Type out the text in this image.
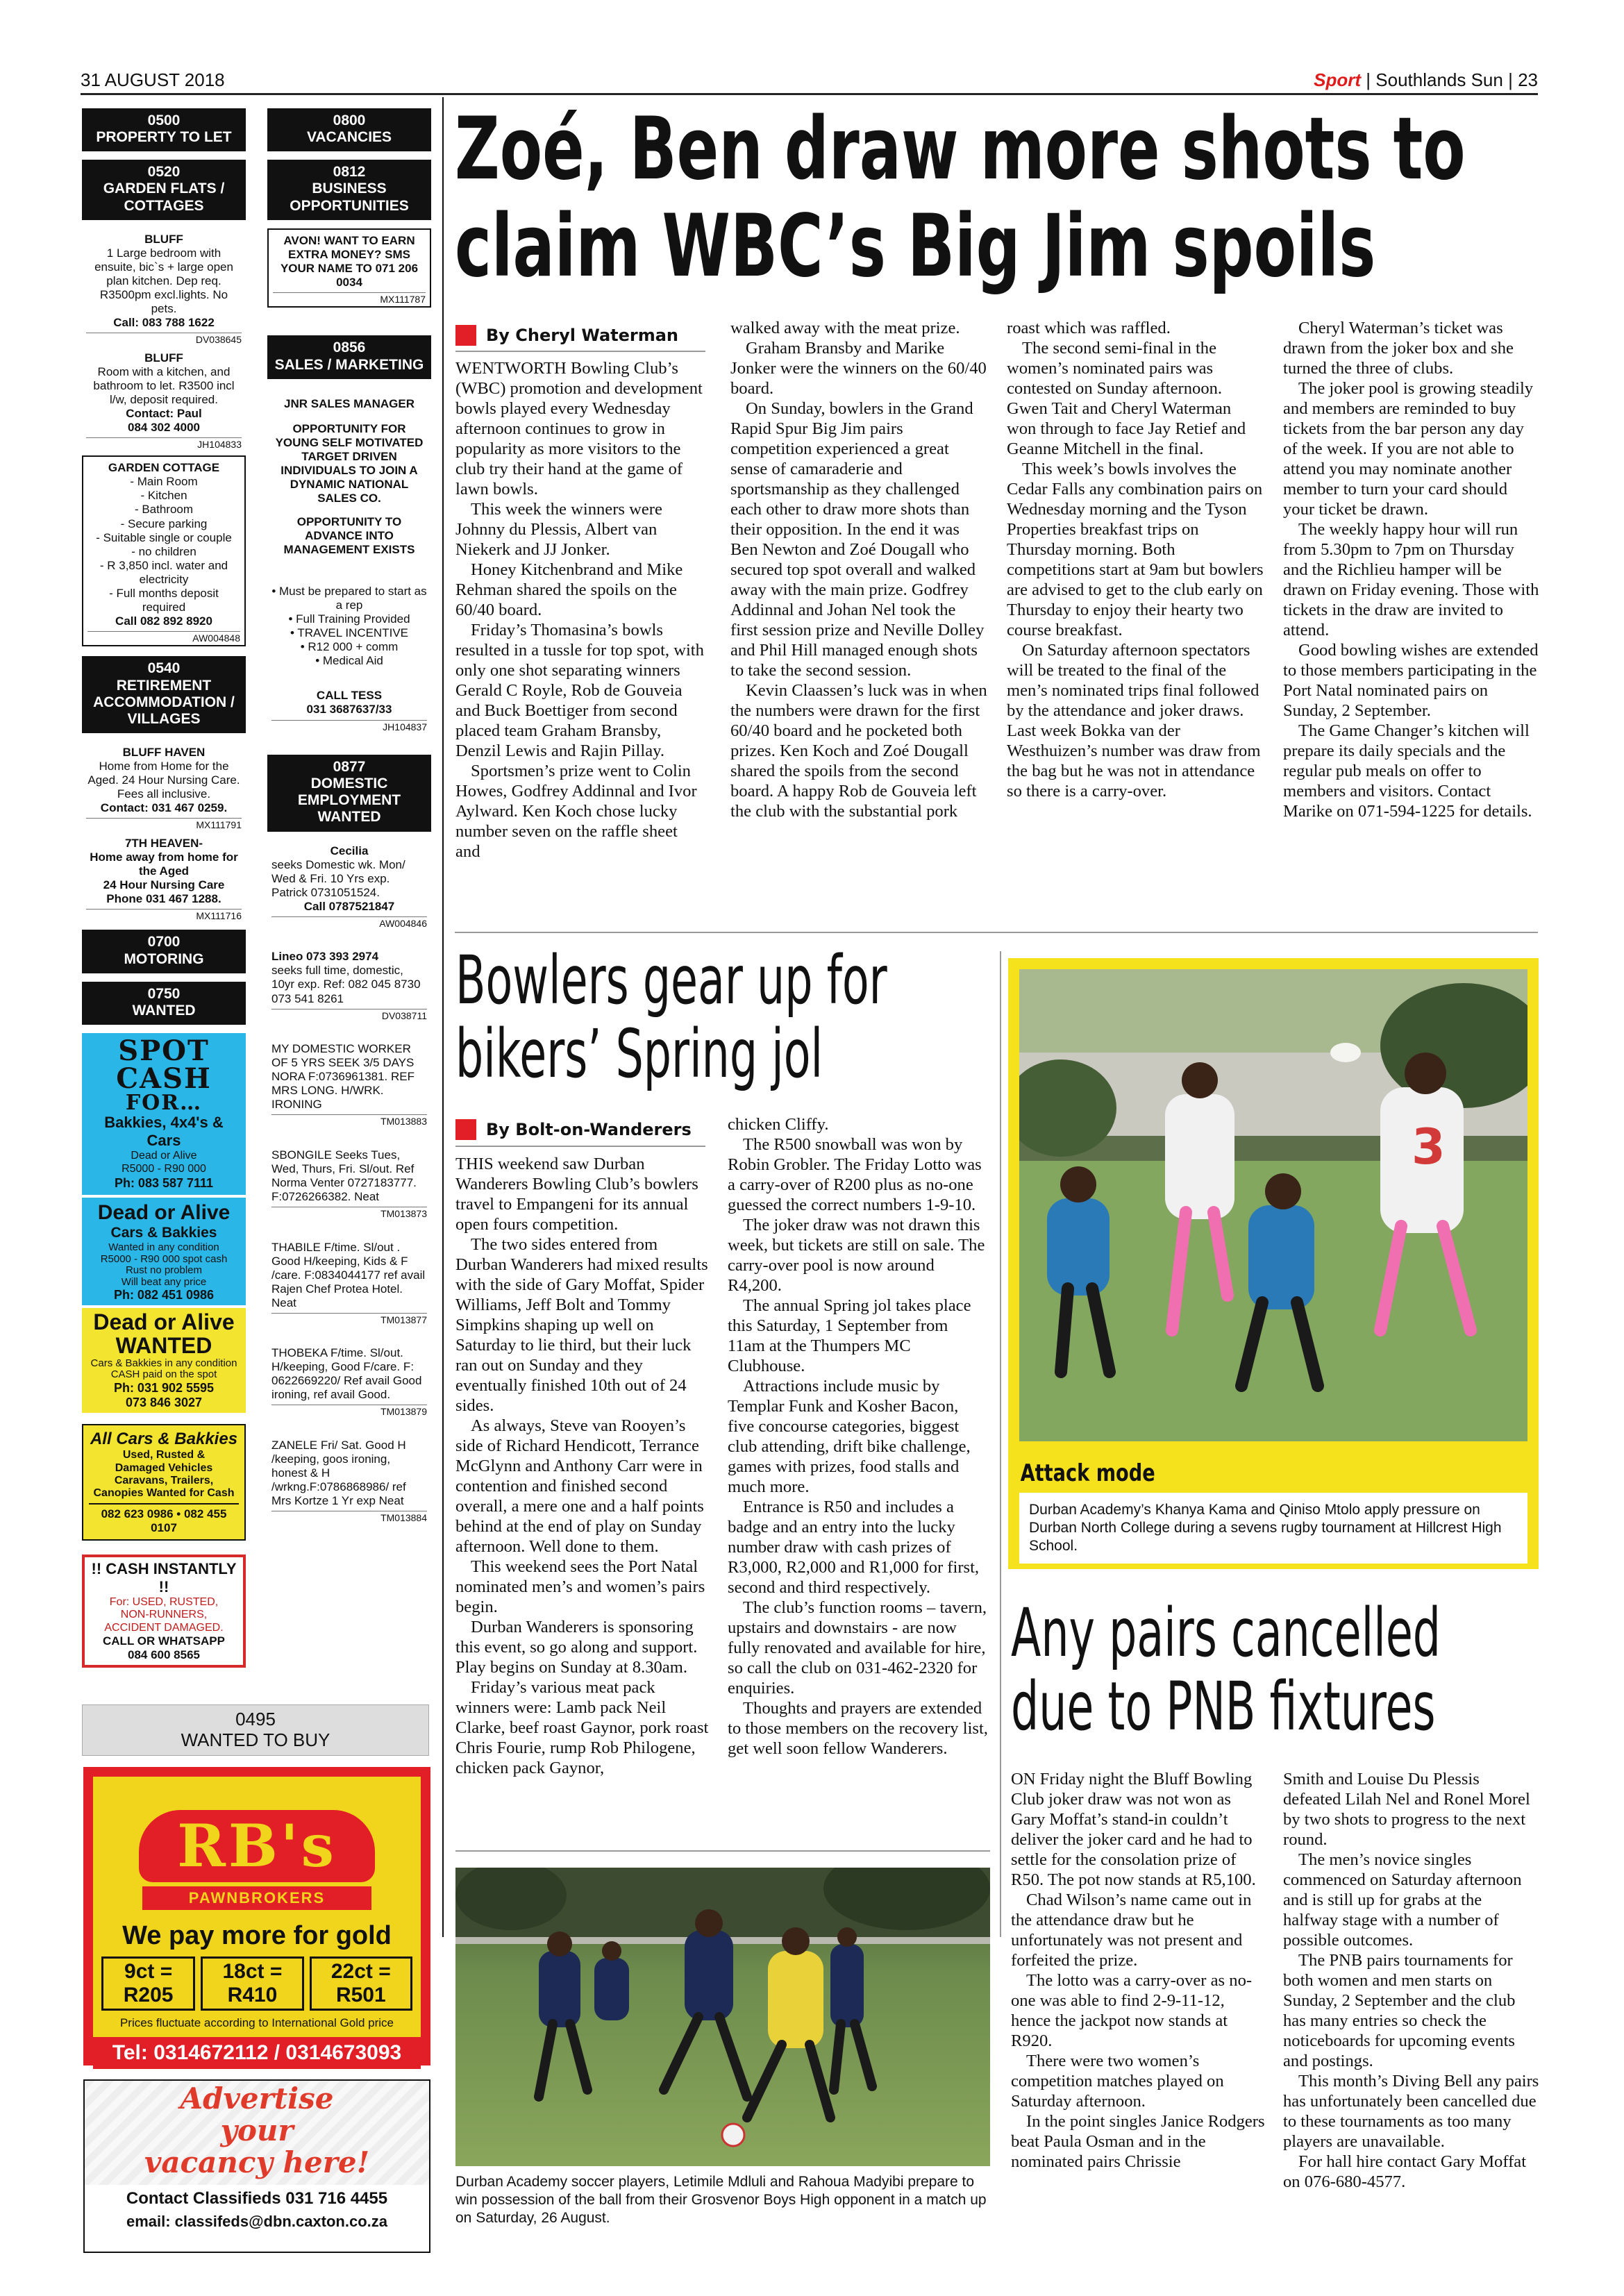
31 AUGUST 2018	Sport | Southlands Sun | 23
0500
PROPERTY TO LET
0520
GARDEN FLATS /
COTTAGES
BLUFF

1 Large bedroom with ensuite, bic`s + large open plan kitchen. Dep req. R3500pm excl.lights. No pets.

Call: 083 788 1622

DV038645
BLUFF

Room with a kitchen, and bathroom to let. R3500 incl l/w, deposit required.

Contact: Paul
084 302 4000

JH104833
GARDEN COTTAGE

- Main Room
- Kitchen
- Bathroom
- Secure parking
- Suitable single or couple
- no children
- R 3,850 incl. water and electricity
- Full months deposit required

Call 082 892 8920

AW004848
0540
RETIREMENT
ACCOMMODATION /
VILLAGES
BLUFF HAVEN

Home from Home for the Aged. 24 Hour Nursing Care. Fees all inclusive.

Contact: 031 467 0259.

MX111791
7TH HEAVEN-

Home away from home for the Aged
24 Hour Nursing Care
Phone 031 467 1288.

MX111716
0700
MOTORING
0750
WANTED
SPOT
CASH
FOR…
Bakkies, 4x4's & Cars
Dead or Alive
R5000 - R90 000
Ph: 083 587 7111
Dead or Alive
Cars & Bakkies
Wanted in any condition
R5000 - R90 000 spot cash
Rust no problem
Will beat any price
Ph: 082 451 0986
Dead or Alive
WANTED
Cars & Bakkies in any condition
CASH paid on the spot
Ph: 031 902 5595
073 846 3027
All Cars & Bakkies
Used, Rusted &
Damaged Vehicles
Caravans, Trailers,
Canopies Wanted for Cash
082 623 0986 • 082 455 0107
!! CASH INSTANTLY !!
For: USED, RUSTED,
NON-RUNNERS,
ACCIDENT DAMAGED.
CALL OR WHATSAPP
084 600 8565
0800
VACANCIES
0812
BUSINESS
OPPORTUNITIES

AVON! WANT TO EARN EXTRA MONEY? SMS YOUR NAME TO 071 206 0034

MX111787
0856
SALES / MARKETING
JNR SALES MANAGER

OPPORTUNITY FOR YOUNG SELF MOTIVATED TARGET DRIVEN INDIVIDUALS TO JOIN A DYNAMIC NATIONAL SALES CO.

OPPORTUNITY TO ADVANCE INTO MANAGEMENT EXISTS

• Must be prepared to start as a rep
• Full Training Provided
• TRAVEL INCENTIVE
• R12 000 + comm
• Medical Aid

CALL TESS
031 3687637/33

JH104837
0877
DOMESTIC EMPLOYMENT
WANTED
Cecilia

seeks Domestic wk. Mon/ Wed & Fri. 10 Yrs exp. Patrick 0731051524.

Call 0787521847

AW004846
Lineo 073 393 2974

seeks full time, domestic, 10yr exp. Ref: 082 045 8730
073 541 8261

DV038711

MY DOMESTIC WORKER OF 5 YRS SEEK 3/5 DAYS NORA F:0736961381. REF MRS LONG. H/WRK. IRONING

TM013883

SBONGILE Seeks Tues, Wed, Thurs, Fri. Sl/out. Ref Norma Venter 0727183777. F:0726266382. Neat

TM013873

THABILE F/time. Sl/out . Good H/keeping, Kids & F /care. F:0834044177 ref avail Rajen Chef Protea Hotel. Neat

TM013877

THOBEKA F/time. Sl/out. H/keeping, Good F/care. F: 0622669220/ Ref avail Good ironing, ref avail Good.

TM013879

ZANELE Fri/ Sat. Good H /keeping, goos ironing, honest & H /wrkng.F:0786868986/ ref Mrs Kortze 1 Yr exp Neat

TM013884
0495
WANTED TO BUY
RB's
PAWNBROKERS
We pay more for gold
9ct = R205
18ct = R410
22ct = R501
Prices fluctuate according to International Gold price
Tel: 0314672112 / 0314673093
Advertise
your
vacancy here!
Contact Classifieds 031 716 4455
email: classifeds@dbn.caxton.co.za
Zoé, Ben draw more shots to
claim WBC’s Big Jim spoils
By Cheryl Waterman

WENTWORTH Bowling Club’s (WBC) promotion and development bowls played every Wednesday afternoon continues to grow in popularity as more visitors to the club try their hand at the game of lawn bowls.

This week the winners were Johnny du Plessis, Albert van Niekerk and JJ Jonker.

Honey Kitchenbrand and Mike Rehman shared the spoils on the 60/40 board.

Friday’s Thomasina’s bowls resulted in a tussle for top spot, with only one shot separating winners Gerald C Royle, Rob de Gouveia and Buck Boettiger from second placed team Graham Bransby, Denzil Lewis and Rajin Pillay.

Sportsmen’s prize went to Colin Howes, Godfrey Addinnal and Ivor Aylward. Ken Koch chose lucky number seven on the raffle sheet and

walked away with the meat prize.

Graham Bransby and Marike Jonker were the winners on the 60/40 board.

On Sunday, bowlers in the Grand Rapid Spur Big Jim pairs competition experienced a great sense of camaraderie and sportsmanship as they challenged each other to draw more shots than their opposition. In the end it was Ben Newton and Zoé Dougall who secured top spot overall and walked away with the main prize. Godfrey Addinnal and Johan Nel took the first session prize and Neville Dolley and Phil Hill managed enough shots to take the second session.

Kevin Claassen’s luck was in when the numbers were drawn for the first 60/40 board and he pocketed both prizes. Ken Koch and Zoé Dougall shared the spoils from the second board. A happy Rob de Gouveia left the club with the substantial pork

roast which was raffled.

The second semi-final in the women’s nominated pairs was contested on Sunday afternoon. Gwen Tait and Cheryl Waterman won through to face Jay Retief and Geanne Mitchell in the final.

This week’s bowls involves the Cedar Falls any combination pairs on Wednesday morning and the Tyson Properties breakfast trips on Thursday morning. Both competitions start at 9am but bowlers are advised to get to the club early on Thursday to enjoy their hearty two course breakfast.

On Saturday afternoon spectators will be treated to the final of the men’s nominated trips final followed by the attendance and joker draws. Last week Bokka van der Westhuizen’s number was draw from the bag but he was not in attendance so there is a carry-over.

Cheryl Waterman’s ticket was drawn from the joker box and she turned the three of clubs.

The joker pool is growing steadily and members are reminded to buy tickets from the bar person any day of the week. If you are not able to attend you may nominate another member to turn your card should your ticket be drawn.

The weekly happy hour will run from 5.30pm to 7pm on Thursday and the Richlieu hamper will be drawn on Friday evening. Those with tickets in the draw are invited to attend.

Good bowling wishes are extended to those members participating in the Port Natal nominated pairs on Sunday, 2 September.

The Game Changer’s kitchen will prepare its daily specials and the regular pub meals on offer to members and visitors. Contact Marike on 071-594-1225 for details.

Bowlers gear up for
bikers’ Spring jol
By Bolt-on-Wanderers

THIS weekend saw Durban Wanderers Bowling Club’s bowlers travel to Empangeni for its annual open fours competition.

The two sides entered from Durban Wanderers had mixed results with the side of Gary Moffat, Spider Williams, Jeff Bolt and Tommy Simpkins shaping up well on Saturday to lie third, but their luck ran out on Sunday and they eventually finished 10th out of 24 sides.

As always, Steve van Rooyen’s side of Richard Hendicott, Terrance McGlynn and Anthony Carr were in contention and finished second overall, a mere one and a half points behind at the end of play on Sunday afternoon. Well done to them.

This weekend sees the Port Natal nominated men’s and women’s pairs begin.

Durban Wanderers is sponsoring this event, so go along and support. Play begins on Sunday at 8.30am.

Friday’s various meat pack winners were: Lamb pack Neil Clarke, beef roast Gaynor, pork roast Chris Fourie, rump Rob Philogene, chicken pack Gaynor,

chicken Cliffy.

The R500 snowball was won by Robin Grobler. The Friday Lotto was a carry-over of R200 plus as no-one guessed the correct numbers 1-9-10.

The joker draw was not drawn this week, but tickets are still on sale. The carry-over pool is now around R4,200.

The annual Spring jol takes place this Saturday, 1 September from 11am at the Thumpers MC Clubhouse.

Attractions include music by Templar Funk and Kosher Bacon, five concourse categories, biggest club attending, drift bike challenge, games with prizes, food stalls and much more.

Entrance is R50 and includes a badge and an entry into the lucky number draw with cash prizes of R3,000, R2,000 and R1,000 for first, second and third respectively.

The club’s function rooms – tavern, upstairs and downstairs - are now fully renovated and available for hire, so call the club on 031-462-2320 for enquiries.

Thoughts and prayers are extended to those members on the recovery list, get well soon fellow Wanderers.

Durban Academy soccer players, Letimile Mdluli and Rahoua Madyibi prepare to win possession of the ball from their Grosvenor Boys High opponent in a match up on Saturday, 26 August.
3
Attack mode
Durban Academy’s Khanya Kama and Qiniso Mtolo apply pressure on Durban North College during a sevens rugby tournament at Hillcrest High School.
Any pairs cancelled
due to PNB fixtures

ON Friday night the Bluff Bowling Club joker draw was not won as Gary Moffat’s stand-in couldn’t deliver the joker card and he had to settle for the consolation prize of R50. The pot now stands at R5,100.

Chad Wilson’s name came out in the attendance draw but he unfortunately was not present and forfeited the prize.

The lotto was a carry-over as no-one was able to find 2-9-11-12, hence the jackpot now stands at R920.

There were two women’s competition matches played on Saturday afternoon.

In the point singles Janice Rodgers beat Paula Osman and in the nominated pairs Chrissie

Smith and Louise Du Plessis defeated Lilah Nel and Ronel Morel by two shots to progress to the next round.

The men’s novice singles commenced on Saturday afternoon and is still up for grabs at the halfway stage with a number of possible outcomes.

The PNB pairs tournaments for both women and men starts on Sunday, 2 September and the club has many entries so check the noticeboards for upcoming events and postings.

This month’s Diving Bell any pairs has unfortunately been cancelled due to these tournaments as too many players are unavailable.

For hall hire contact Gary Moffat on 076-680-4577.
